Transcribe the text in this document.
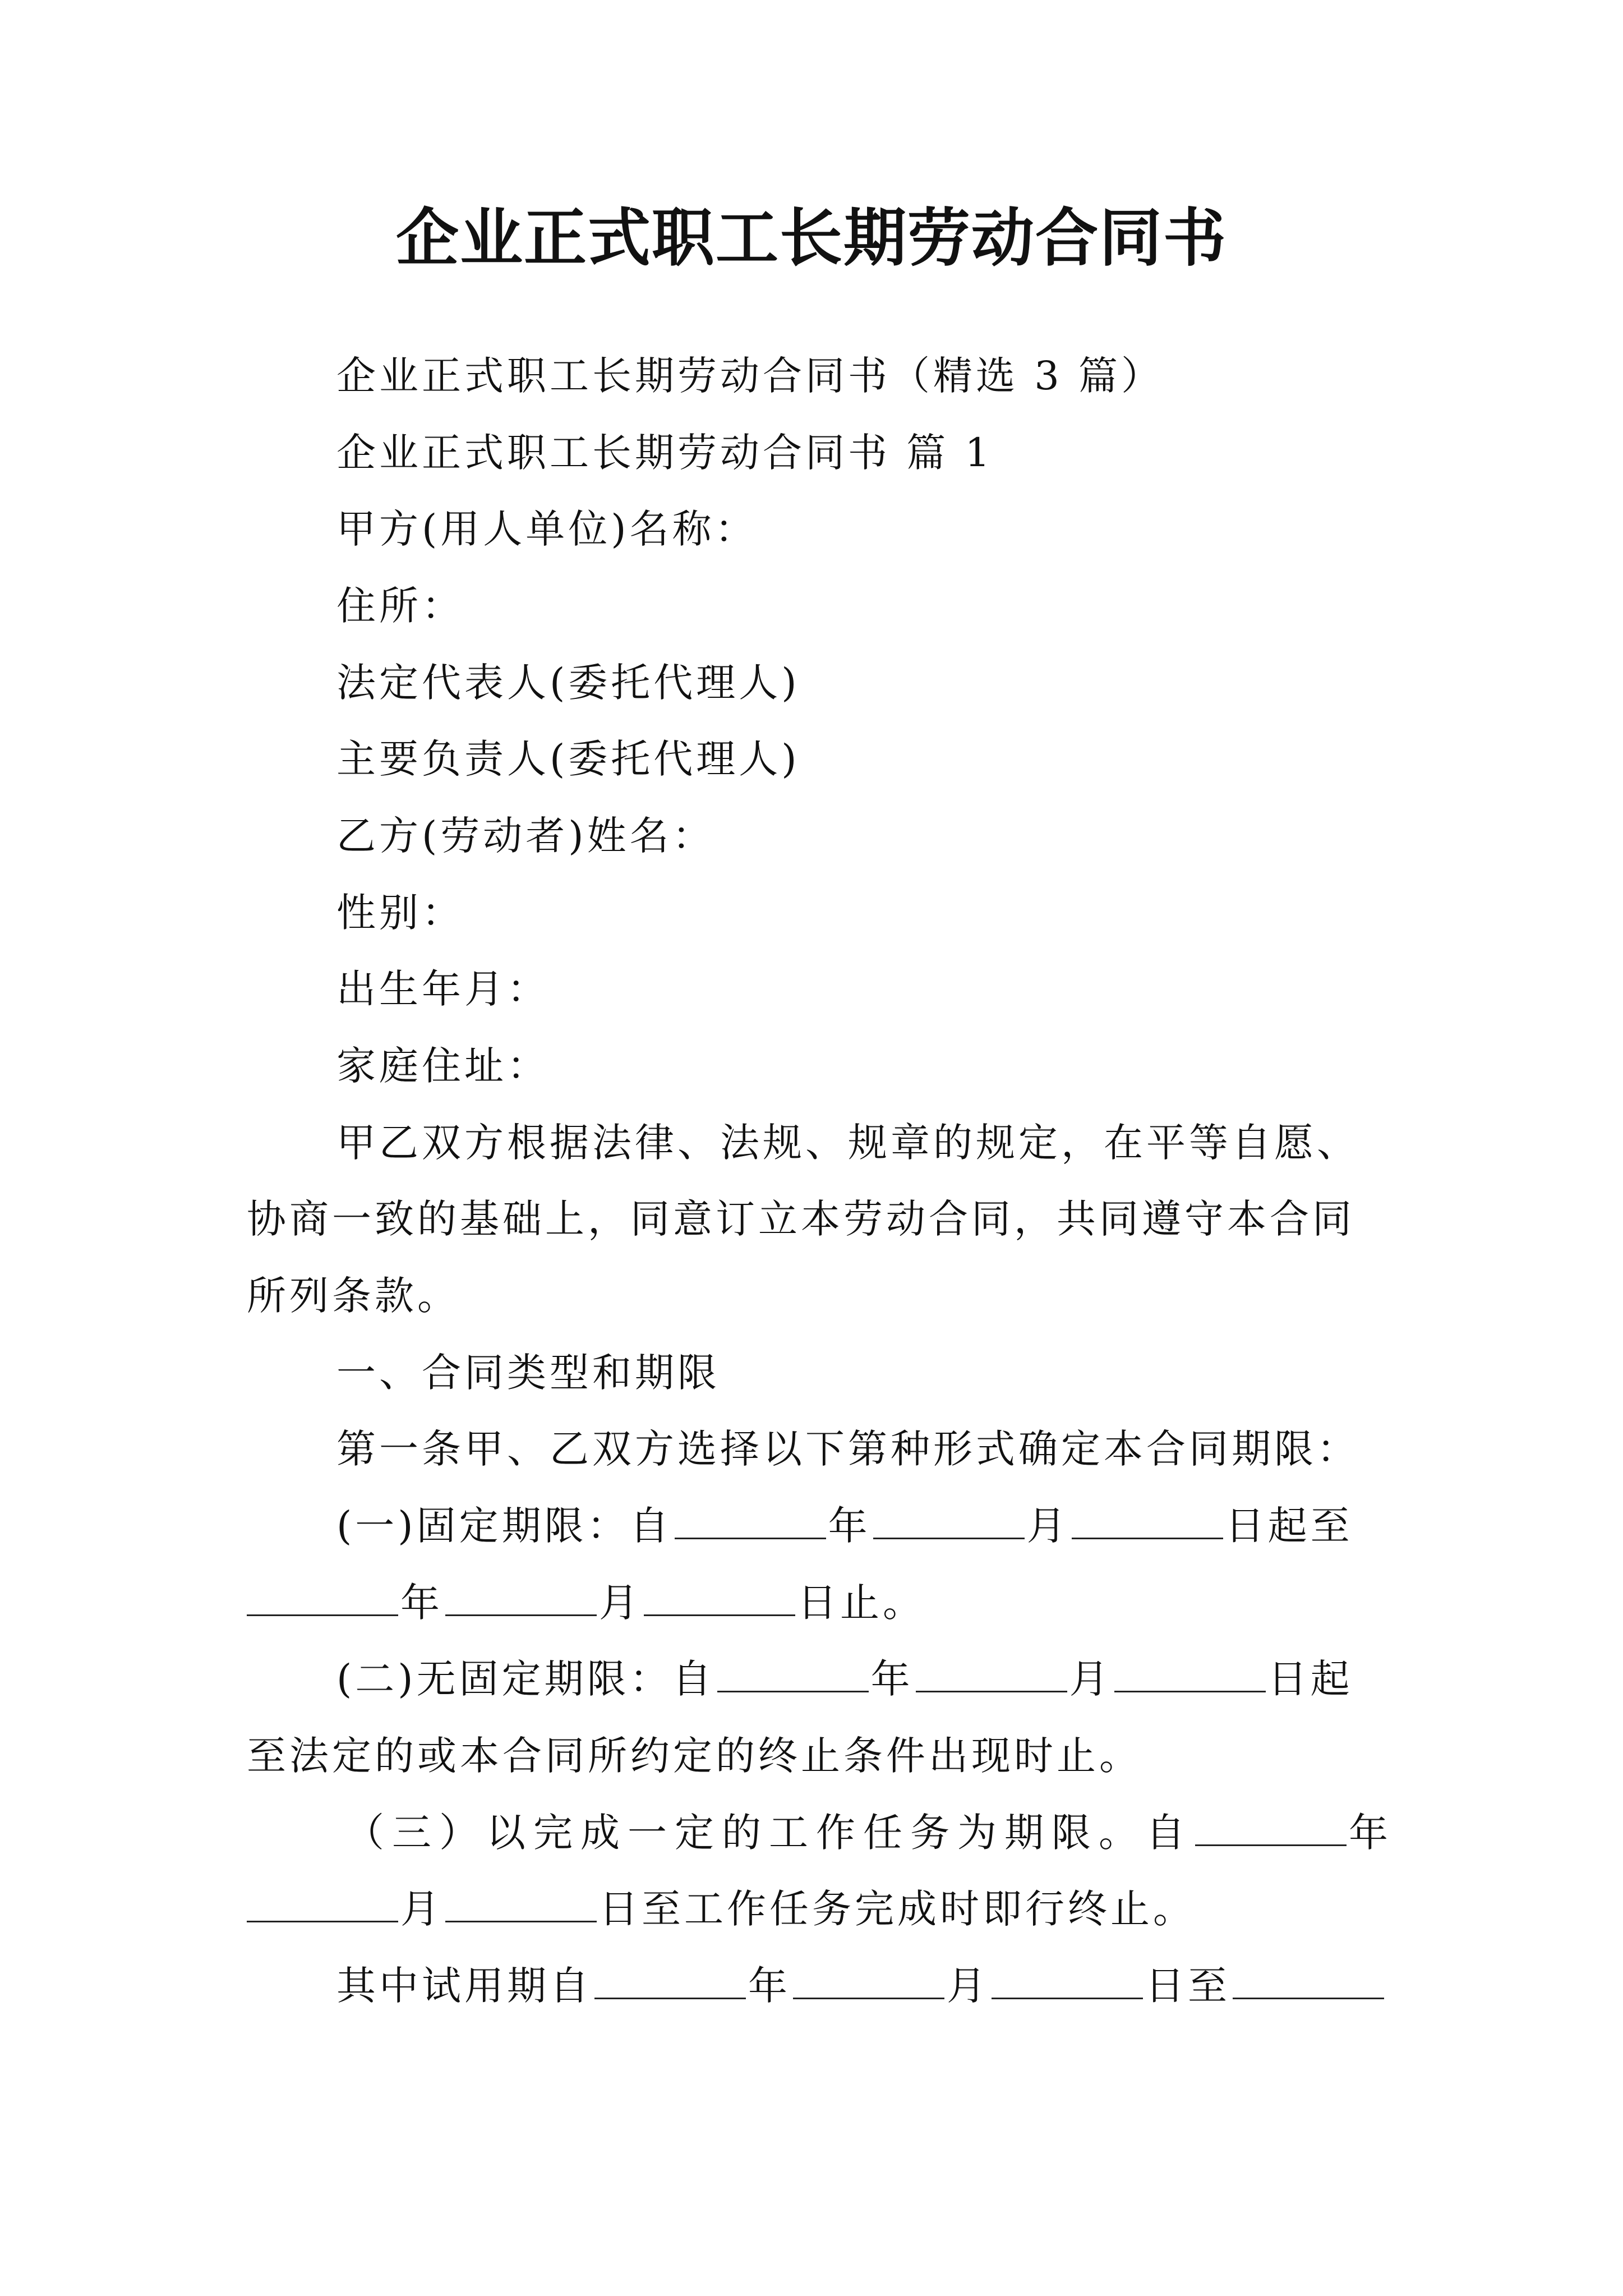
企业正式职工长期劳动合同书
企业正式职工长期劳动合同书（精选 3 篇）
企业正式职工长期劳动合同书 篇 1
甲方(用人单位)名称：
住所：
法定代表人(委托代理人)
主要负责人(委托代理人)
乙方(劳动者)姓名：
性别：
出生年月：
家庭住址：
甲乙双方根据法律、法规、规章的规定，在平等自愿、
协商一致的基础上，同意订立本劳动合同，共同遵守本合同
所列条款。
一、合同类型和期限
第一条甲、乙双方选择以下第种形式确定本合同期限：
(一)固定期限：自	年	月	日起至
年	月	日止。
(二)无固定期限：自	年	月	日起
至法定的或本合同所约定的终止条件出现时止。
（三）以完成一定的工作任务为期限。自	年
月	日至工作任务完成时即行终止。
其中试用期自	年	月	日至
